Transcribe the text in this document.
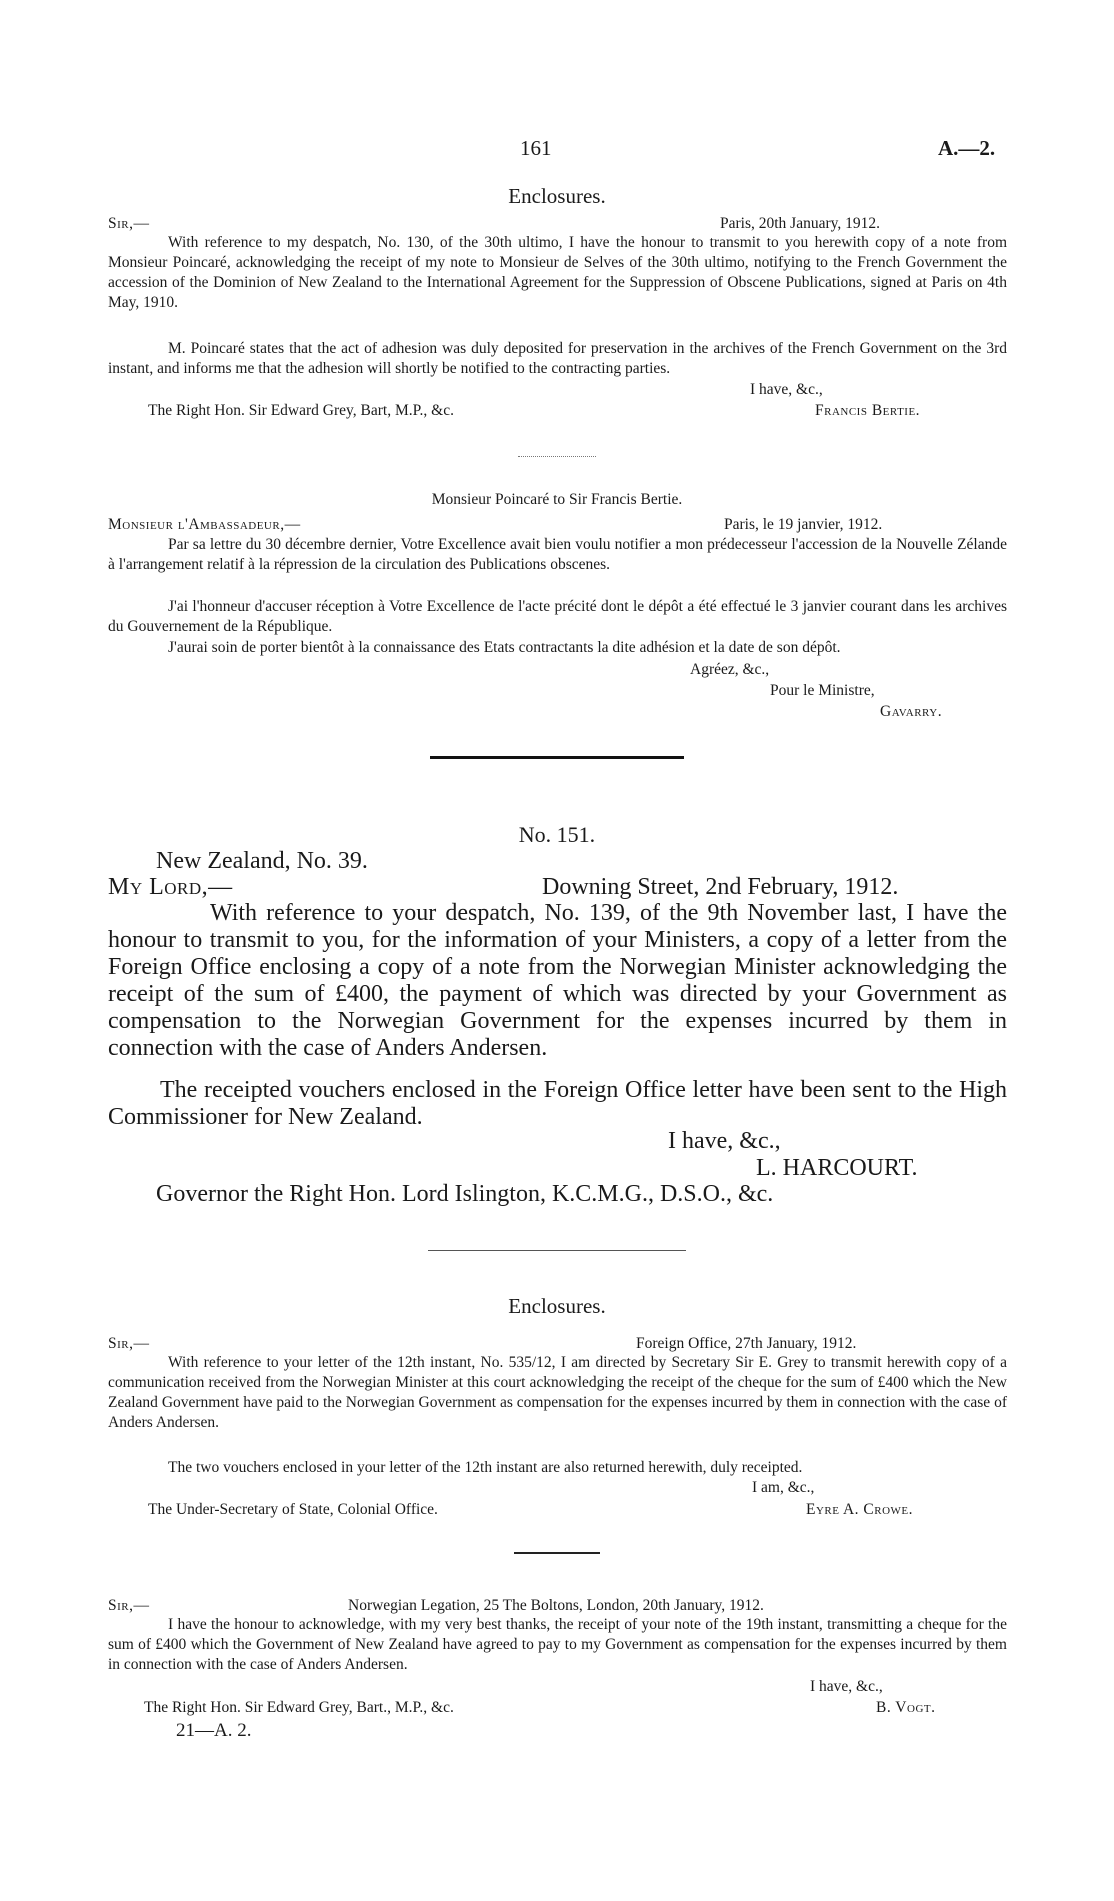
161	A.—2.
Enclosures.
Sir,—	Paris, 20th January, 1912.
With reference to my despatch, No. 130, of the 30th ultimo, I have the honour to transmit to you herewith copy of a note from Monsieur Poincaré, acknowledging the receipt of my note to Monsieur de Selves of the 30th ultimo, notifying to the French Government the accession of the Dominion of New Zealand to the International Agreement for the Suppression of Obscene Publications, signed at Paris on 4th May, 1910.
M. Poincaré states that the act of adhesion was duly deposited for preservation in the archives of the French Government on the 3rd instant, and informs me that the adhesion will shortly be notified to the contracting parties.
I have, &c.,
The Right Hon. Sir Edward Grey, Bart, M.P., &c.	Francis Bertie.
Monsieur Poincaré to Sir Francis Bertie.
Monsieur l'Ambassadeur,—	Paris, le 19 janvier, 1912.
Par sa lettre du 30 décembre dernier, Votre Excellence avait bien voulu notifier a mon prédecesseur l'accession de la Nouvelle Zélande à l'arrangement relatif à la répression de la circulation des Publications obscenes.
J'ai l'honneur d'accuser réception à Votre Excellence de l'acte précité dont le dépôt a été effectué le 3 janvier courant dans les archives du Gouvernement de la République.
J'aurai soin de porter bientôt à la connaissance des Etats contractants la dite adhésion et la date de son dépôt.
Agréez, &c.,
Pour le Ministre,
Gavarry.
No. 151.
New Zealand, No. 39.
My Lord,—	Downing Street, 2nd February, 1912.
With reference to your despatch, No. 139, of the 9th November last, I have the honour to transmit to you, for the information of your Ministers, a copy of a letter from the Foreign Office enclosing a copy of a note from the Norwegian Minister acknowledging the receipt of the sum of £400, the payment of which was directed by your Government as compensation to the Norwegian Government for the expenses incurred by them in connection with the case of Anders Andersen.
The receipted vouchers enclosed in the Foreign Office letter have been sent to the High Commissioner for New Zealand.
I have, &c.,
L. HARCOURT.
Governor the Right Hon. Lord Islington, K.C.M.G., D.S.O., &c.
Enclosures.
Sir,—	Foreign Office, 27th January, 1912.
With reference to your letter of the 12th instant, No. 535/12, I am directed by Secretary Sir E. Grey to transmit herewith copy of a communication received from the Norwegian Minister at this court acknowledging the receipt of the cheque for the sum of £400 which the New Zealand Government have paid to the Norwegian Government as compensation for the expenses incurred by them in connection with the case of Anders Andersen.
The two vouchers enclosed in your letter of the 12th instant are also returned herewith, duly receipted.
I am, &c.,
The Under-Secretary of State, Colonial Office.	Eyre A. Crowe.
Sir,—	Norwegian Legation, 25 The Boltons, London, 20th January, 1912.
I have the honour to acknowledge, with my very best thanks, the receipt of your note of the 19th instant, transmitting a cheque for the sum of £400 which the Government of New Zealand have agreed to pay to my Government as compensation for the expenses incurred by them in connection with the case of Anders Andersen.
I have, &c.,
The Right Hon. Sir Edward Grey, Bart., M.P., &c.	B. Vogt.
21—A. 2.
